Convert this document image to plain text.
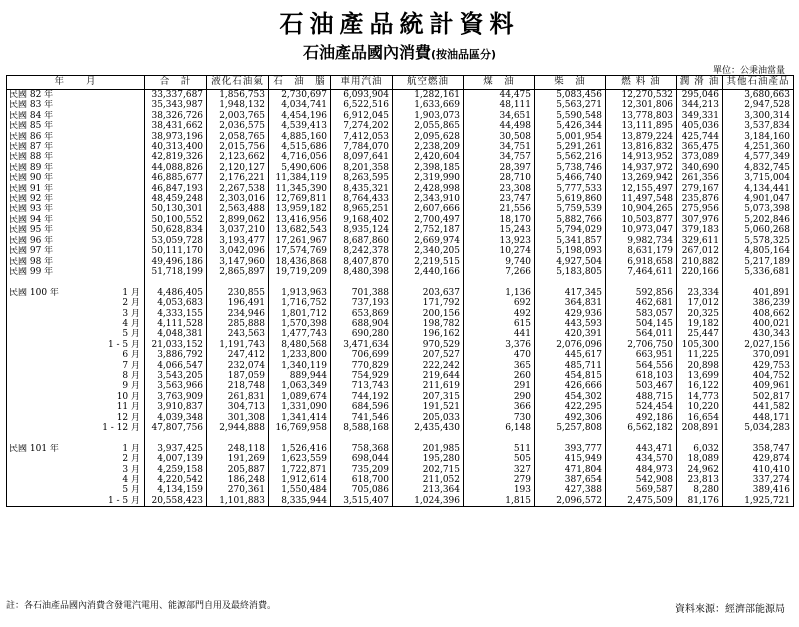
石油產品統計資料
石油產品國內消費(按油品區分)
單位：公秉油當量
年　　月		合　計	液化石油氣	石　油　腦	車用汽油	航空燃油	煤　油	柴　油	燃 料 油	潤 滑 油	其他石油產品
民國 82 年		33,337,687	1,856,753	2,730,697	6,093,904	1,282,161	44,475	5,083,456	12,270,532	295,046	3,680,663
民國 83 年		35,343,987	1,948,132	4,034,741	6,522,516	1,633,669	48,111	5,563,271	12,301,806	344,213	2,947,528
民國 84 年		38,326,726	2,003,765	4,454,196	6,912,045	1,903,073	34,651	5,590,548	13,778,803	349,331	3,300,314
民國 85 年		38,431,662	2,036,575	4,539,413	7,274,202	2,055,865	44,498	5,426,344	13,111,895	405,036	3,537,834
民國 86 年		38,973,196	2,058,765	4,885,160	7,412,053	2,095,628	30,508	5,001,954	13,879,224	425,744	3,184,160
民國 87 年		40,313,400	2,015,756	4,515,686	7,784,070	2,238,209	34,751	5,291,261	13,816,832	365,475	4,251,360
民國 88 年		42,819,326	2,123,662	4,716,056	8,097,641	2,420,604	34,757	5,562,216	14,913,952	373,089	4,577,349
民國 89 年		44,088,826	2,120,127	5,490,606	8,201,358	2,398,185	28,397	5,738,746	14,937,972	340,690	4,832,745
民國 90 年		46,885,677	2,176,221	11,384,119	8,263,595	2,319,990	28,710	5,466,740	13,269,942	261,356	3,715,004
民國 91 年		46,847,193	2,267,538	11,345,390	8,435,321	2,428,998	23,308	5,777,533	12,155,497	279,167	4,134,441
民國 92 年		48,459,248	2,303,016	12,769,811	8,764,433	2,343,910	23,747	5,619,860	11,497,548	235,876	4,901,047
民國 93 年		50,130,301	2,563,488	13,959,182	8,965,251	2,607,666	21,556	5,759,539	10,904,265	275,956	5,073,398
民國 94 年		50,100,552	2,899,062	13,416,956	9,168,402	2,700,497	18,170	5,882,766	10,503,877	307,976	5,202,846
民國 95 年		50,628,834	3,037,210	13,682,543	8,935,124	2,752,187	15,243	5,794,029	10,973,047	379,183	5,060,268
民國 96 年		53,059,728	3,193,477	17,261,967	8,687,860	2,669,974	13,923	5,341,857	9,982,734	329,611	5,578,325
民國 97 年		50,111,170	3,042,096	17,574,769	8,242,378	2,340,205	10,274	5,198,093	8,631,179	267,012	4,805,164
民國 98 年		49,496,186	3,147,960	18,436,868	8,407,870	2,219,515	9,740	4,927,504	6,918,658	210,882	5,217,189
民國 99 年		51,718,199	2,865,897	19,719,209	8,480,398	2,440,166	7,266	5,183,805	7,464,611	220,166	5,336,681

民國 100 年	1 月	4,486,405	230,855	1,913,963	701,388	203,637	1,136	417,345	592,856	23,334	401,891
	2 月	4,053,683	196,491	1,716,752	737,193	171,792	692	364,831	462,681	17,012	386,239
	3 月	4,333,155	234,946	1,801,712	653,869	200,156	492	429,936	583,057	20,325	408,662
	4 月	4,111,528	285,888	1,570,398	688,904	198,782	615	443,593	504,145	19,182	400,021
	5 月	4,048,381	243,563	1,477,743	690,280	196,162	441	420,391	564,011	25,447	430,343
	1 - 5 月	21,033,152	1,191,743	8,480,568	3,471,634	970,529	3,376	2,076,096	2,706,750	105,300	2,027,156
	6 月	3,886,792	247,412	1,233,800	706,699	207,527	470	445,617	663,951	11,225	370,091
	7 月	4,066,547	232,074	1,340,119	770,829	222,242	365	485,711	564,556	20,898	429,753
	8 月	3,543,205	187,059	889,944	754,929	219,644	260	454,815	618,103	13,699	404,752
	9 月	3,563,966	218,748	1,063,349	713,743	211,619	291	426,666	503,467	16,122	409,961
	10 月	3,763,909	261,831	1,089,674	744,192	207,315	290	454,302	488,715	14,773	502,817
	11 月	3,910,837	304,713	1,331,090	684,596	191,521	366	422,295	524,454	10,220	441,582
	12 月	4,039,348	301,308	1,341,414	741,546	205,033	730	492,306	492,186	16,654	448,171
	1 - 12 月	47,807,756	2,944,888	16,769,958	8,588,168	2,435,430	6,148	5,257,808	6,562,182	208,891	5,034,283

民國 101 年	1 月	3,937,425	248,118	1,526,416	758,368	201,985	511	393,777	443,471	6,032	358,747
	2 月	4,007,139	191,269	1,623,559	698,044	195,280	505	415,949	434,570	18,089	429,874
	3 月	4,259,158	205,887	1,722,871	735,209	202,715	327	471,804	484,973	24,962	410,410
	4 月	4,220,542	186,248	1,912,614	618,700	211,052	279	387,654	542,908	23,813	337,274
	5 月	4,134,159	270,361	1,550,484	705,086	213,364	193	427,388	569,587	8,280	389,416
	1 - 5 月	20,558,423	1,101,883	8,335,944	3,515,407	1,024,396	1,815	2,096,572	2,475,509	81,176	1,925,721
註：各石油產品國內消費含發電汽電用、能源部門自用及最終消費。	資料來源：經濟部能源局
